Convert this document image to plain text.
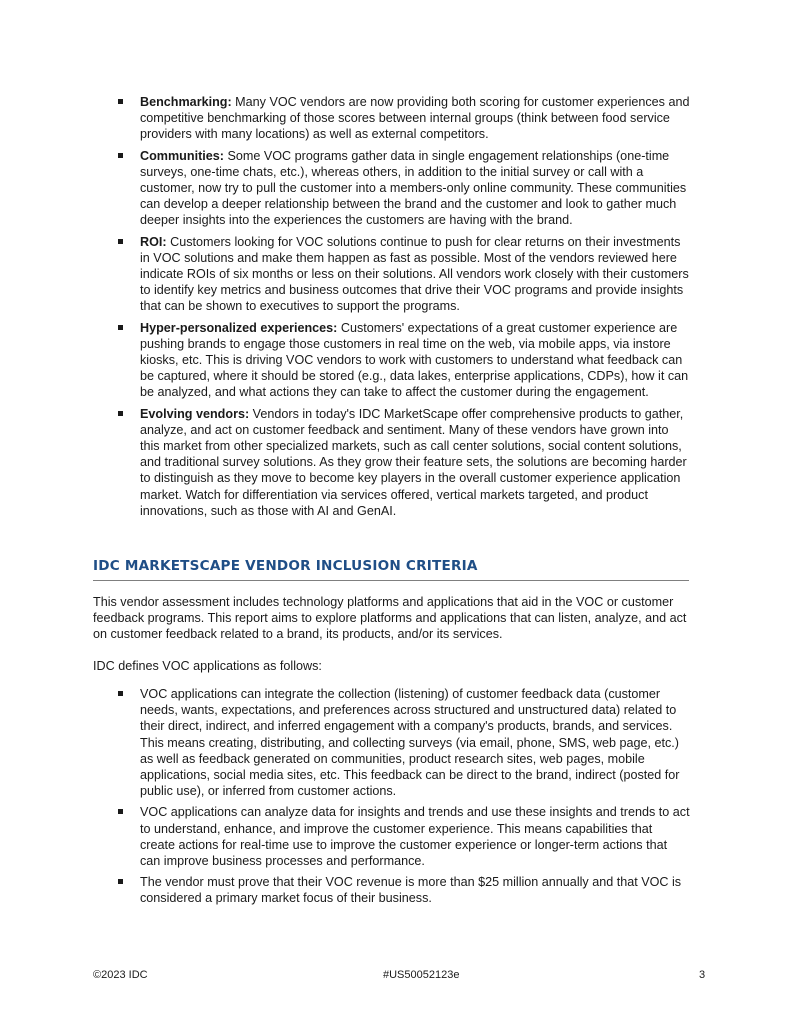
Benchmarking: Many VOC vendors are now providing both scoring for customer experiences and competitive benchmarking of those scores between internal groups (think between food service providers with many locations) as well as external competitors.
Communities: Some VOC programs gather data in single engagement relationships (one-time surveys, one-time chats, etc.), whereas others, in addition to the initial survey or call with a customer, now try to pull the customer into a members-only online community. These communities can develop a deeper relationship between the brand and the customer and look to gather much deeper insights into the experiences the customers are having with the brand.
ROI: Customers looking for VOC solutions continue to push for clear returns on their investments in VOC solutions and make them happen as fast as possible. Most of the vendors reviewed here indicate ROIs of six months or less on their solutions. All vendors work closely with their customers to identify key metrics and business outcomes that drive their VOC programs and provide insights that can be shown to executives to support the programs.
Hyper-personalized experiences: Customers' expectations of a great customer experience are pushing brands to engage those customers in real time on the web, via mobile apps, via instore kiosks, etc. This is driving VOC vendors to work with customers to understand what feedback can be captured, where it should be stored (e.g., data lakes, enterprise applications, CDPs), how it can be analyzed, and what actions they can take to affect the customer during the engagement.
Evolving vendors: Vendors in today's IDC MarketScape offer comprehensive products to gather, analyze, and act on customer feedback and sentiment. Many of these vendors have grown into this market from other specialized markets, such as call center solutions, social content solutions, and traditional survey solutions. As they grow their feature sets, the solutions are becoming harder to distinguish as they move to become key players in the overall customer experience application market. Watch for differentiation via services offered, vertical markets targeted, and product innovations, such as those with AI and GenAI.
IDC MARKETSCAPE VENDOR INCLUSION CRITERIA

This vendor assessment includes technology platforms and applications that aid in the VOC or customer feedback programs. This report aims to explore platforms and applications that can listen, analyze, and act on customer feedback related to a brand, its products, and/or its services.

IDC defines VOC applications as follows:

VOC applications can integrate the collection (listening) of customer feedback data (customer needs, wants, expectations, and preferences across structured and unstructured data) related to their direct, indirect, and inferred engagement with a company's products, brands, and services. This means creating, distributing, and collecting surveys (via email, phone, SMS, web page, etc.) as well as feedback generated on communities, product research sites, web pages, mobile applications, social media sites, etc. This feedback can be direct to the brand, indirect (posted for public use), or inferred from customer actions.
VOC applications can analyze data for insights and trends and use these insights and trends to act to understand, enhance, and improve the customer experience. This means capabilities that create actions for real-time use to improve the customer experience or longer-term actions that can improve business processes and performance.
The vendor must prove that their VOC revenue is more than $25 million annually and that VOC is considered a primary market focus of their business.
©2023 IDC	#US50052123e	3
